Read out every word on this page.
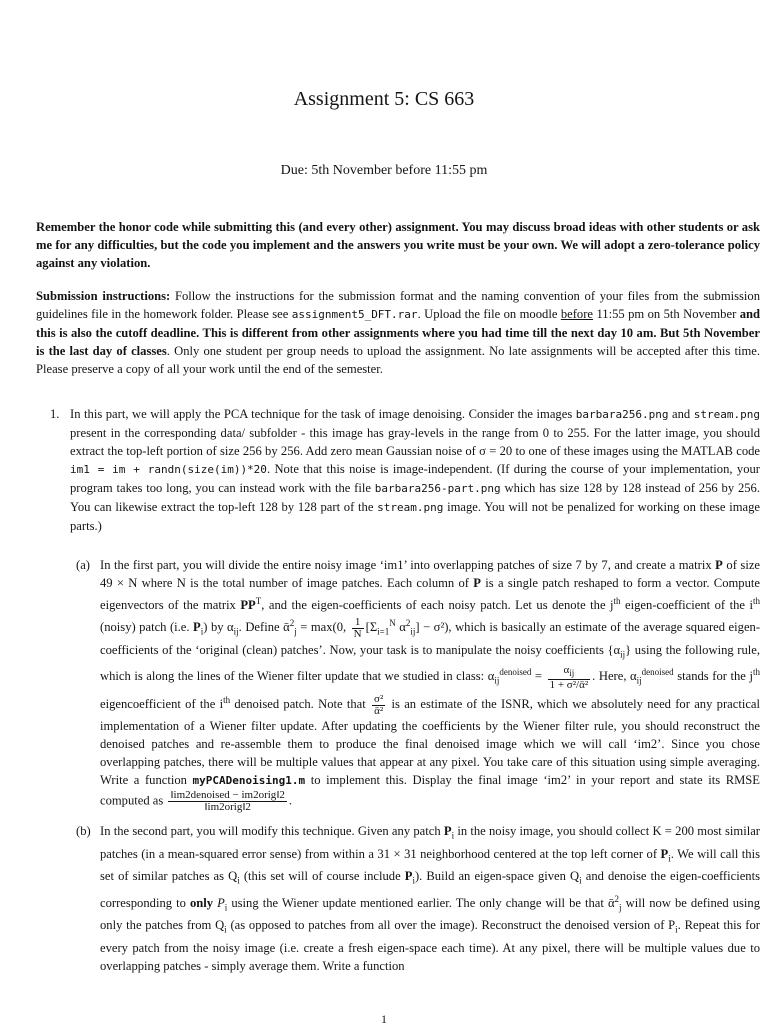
Assignment 5: CS 663
Due: 5th November before 11:55 pm
Remember the honor code while submitting this (and every other) assignment. You may discuss broad ideas with other students or ask me for any difficulties, but the code you implement and the answers you write must be your own. We will adopt a zero-tolerance policy against any violation.
Submission instructions: Follow the instructions for the submission format and the naming convention of your files from the submission guidelines file in the homework folder. Please see assignment5_DFT.rar. Upload the file on moodle before 11:55 pm on 5th November and this is also the cutoff deadline. This is different from other assignments where you had time till the next day 10 am. But 5th November is the last day of classes. Only one student per group needs to upload the assignment. No late assignments will be accepted after this time. Please preserve a copy of all your work until the end of the semester.
1. In this part, we will apply the PCA technique for the task of image denoising. Consider the images barbara256.png and stream.png present in the corresponding data/ subfolder - this image has gray-levels in the range from 0 to 255. For the latter image, you should extract the top-left portion of size 256 by 256. Add zero mean Gaussian noise of σ = 20 to one of these images using the MATLAB code im1 = im + randn(size(im))*20. Note that this noise is image-independent. (If during the course of your implementation, your program takes too long, you can instead work with the file barbara256-part.png which has size 128 by 128 instead of 256 by 256. You can likewise extract the top-left 128 by 128 part of the stream.png image. You will not be penalized for working on these image parts.)
(a) In the first part, you will divide the entire noisy image ‘im1’ into overlapping patches of size 7 by 7, and create a matrix P of size 49 × N where N is the total number of image patches. Each column of P is a single patch reshaped to form a vector. Compute eigenvectors of the matrix $PP^T$, and the eigen-coefficients of each noisy patch. Let us denote the $j^{th}$ eigen-coefficient of the $i^{th}$ (noisy) patch (i.e. $P_i$) by $\alpha_{ij}$. Define ᾱ$^2_j$ = max(0, $\frac{1}{N} [\Sigma_{i=1}^N$ $\alpha^2_{ij}] - \sigma^2$), which is basically an estimate of the average squared eigen-coefficients of the ‘original (clean) patches’. Now, your task is to manipulate the noisy coefficients $\{\alpha_{ij}\}$ using the following rule, which is along the lines of the Wiener filter update that we studied in class: $\alpha_{ij}^{denoised} = \frac{\alpha_{ij}}{\text{1 + σ²/ᾱ²}}$ . Here, $\alpha_{ij}^{denoised}$ stands for the $j^{th}$ eigencoefficient of the $i^{th}$ denoised patch. Note that $\frac{\text{σ²}}{\text{ᾱ²}}$ is an estimate of the ISNR, which we absolutely need for any practical implementation of a Wiener filter update. After updating the coefficients by the Wiener filter rule, you should reconstruct the denoised patches and re-assemble them to produce the final denoised image which we will call ‘im2’. Since you chose overlapping patches, there will be multiple values that appear at any pixel. You take care of this situation using simple averaging. Write a function myPCADenoising1.m to implement this. Display the final image ‘im2’ in your report and state its RMSE computed as $\frac{\text{‖im2denoised − im2orig‖2}}{\text{‖im2orig‖2}}$ .
(b) In the second part, you will modify this technique. Given any patch $P_i$ in the noisy image, you should collect K = 200 most similar patches (in a mean-squared error sense) from within a 31 × 31 neighborhood centered at the top left corner of $P_i$. We will call this set of similar patches as $Q_i$ (this set will of course include $P_i$). Build an eigen-space given $Q_i$ and denoise the eigen-coefficients corresponding to only $P_i$ using the Wiener update mentioned earlier. The only change will be that ᾱ$^2_j$ will now be defined using only the patches from $Q_i$ (as opposed to patches from all over the image). Reconstruct the denoised version of $P_i$. Repeat this for every patch from the noisy image (i.e. create a fresh eigen-space each time). At any pixel, there will be multiple values due to overlapping patches - simply average them. Write a function
1
